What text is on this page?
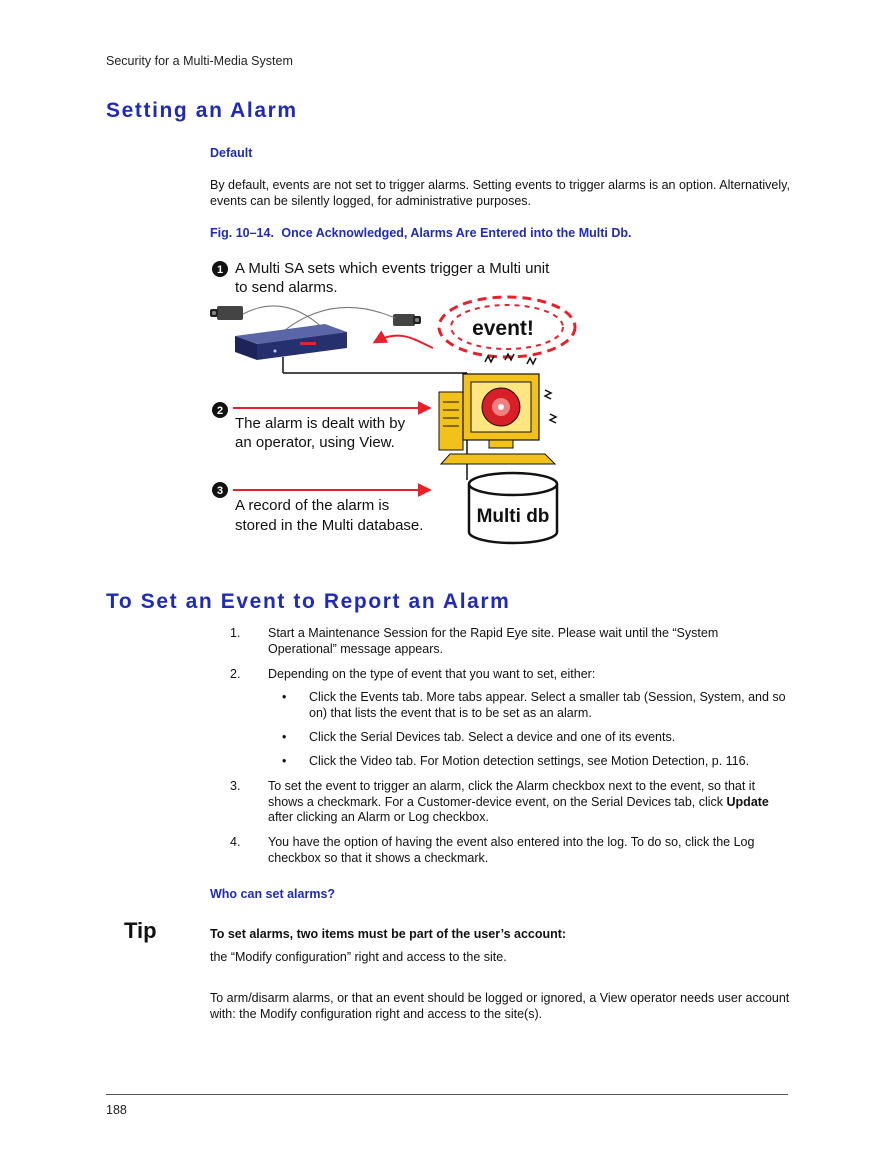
Security for a Multi-Media System
Setting an Alarm
Default
By default, events are not set to trigger alarms. Setting events to trigger alarms is an option. Alternatively, events can be silently logged, for administrative purposes.
Fig. 10–14. Once Acknowledged, Alarms Are Entered into the Multi Db.
1 A Multi SA sets which events trigger a Multi unit
to send alarms.
event!
2
The alarm is dealt with by
an operator, using View.
3
A record of the alarm is
stored in the Multi database.	Multi db
To Set an Event to Report an Alarm
1.	Start a Maintenance Session for the Rapid Eye site. Please wait until the “System Operational” message appears.
2.	Depending on the type of event that you want to set, either:
• Click the Events tab. More tabs appear. Select a smaller tab (Session, System, and so on) that lists the event that is to be set as an alarm.
• Click the Serial Devices tab. Select a device and one of its events.
• Click the Video tab. For Motion detection settings, see Motion Detection, p. 116.
3.	To set the event to trigger an alarm, click the Alarm checkbox next to the event, so that it shows a checkmark. For a Customer-device event, on the Serial Devices tab, click Update after clicking an Alarm or Log checkbox.
4.	You have the option of having the event also entered into the log. To do so, click the Log checkbox so that it shows a checkmark.
Who can set alarms?
Tip	To set alarms, two items must be part of the user’s account:
the “Modify configuration” right and access to the site.
To arm/disarm alarms, or that an event should be logged or ignored, a View operator needs user account with: the Modify configuration right and access to the site(s).
188
